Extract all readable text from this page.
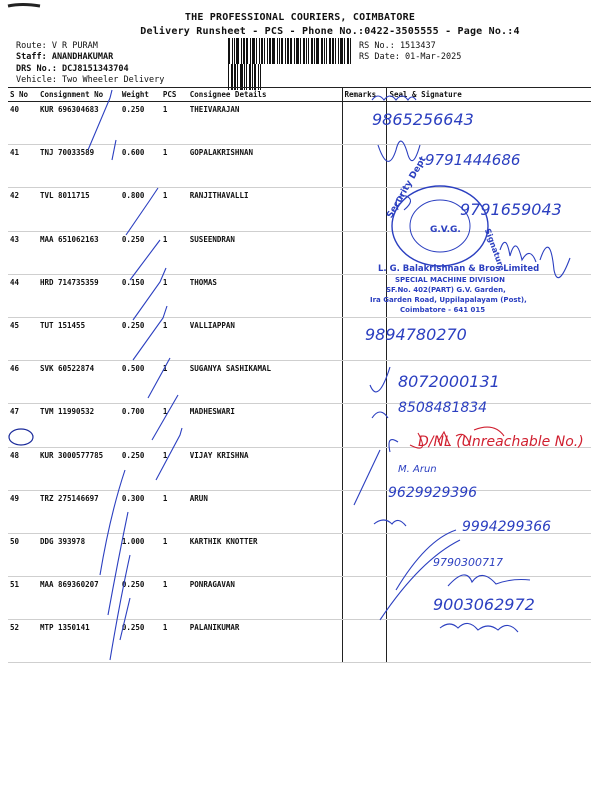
THE PROFESSIONAL COURIERS, COIMBATORE
Delivery Runsheet - PCS - Phone No.:0422-3505555 - Page No.:4
Route: V R PURAM
Staff: ANANDHAKUMAR
DRS No.: DCJ8151343704
Vehicle: Two Wheeler Delivery
RS No.: 1513437
RS Date: 01-Mar-2025
S No	Consignment No	Weight	PCS	Consignee Details	Remarks	Seal & Signature
40	KUR 696304683	0.250	1	THEIVARAJAN		
41	TNJ 70033589	0.600	1	GOPALAKRISHNAN		
42	TVL 8011715	0.800	1	RANJITHAVALLI		
43	MAA 651062163	0.250	1	SUSEENDRAN		
44	HRD 714735359	0.150	1	THOMAS		
45	TUT 151455	0.250	1	VALLIAPPAN		
46	SVK 60522874	0.500	1	SUGANYA SASHIKAMAL		
47	TVM 11990532	0.700	1	MADHESWARI		
48	KUR 3000577785	0.250	1	VIJAY KRISHNA		
49	TRZ 275146697	0.300	1	ARUN		
50	DDG 393978	1.000	1	KARTHIK KNOTTER		
51	MAA 869360207	0.250	1	PONRAGAVAN		
52	MTP 1350141	0.250	1	PALANIKUMAR		
Security Dept
G.V.G.	Signature
L. G. Balakrishnan & Bros Limited
SPECIAL MACHINE DIVISION
SF.No. 402(PART) G.V. Garden,
Ira Garden Road, Uppilapalayam (Post),
Coimbatore - 641 015
9865256643
9791444686
9791659043
9894780270
8072000131
8508481834
M. Arun
9629929396
9994299366
9790300717
9003062972
D/NL (Unreachable No.)
